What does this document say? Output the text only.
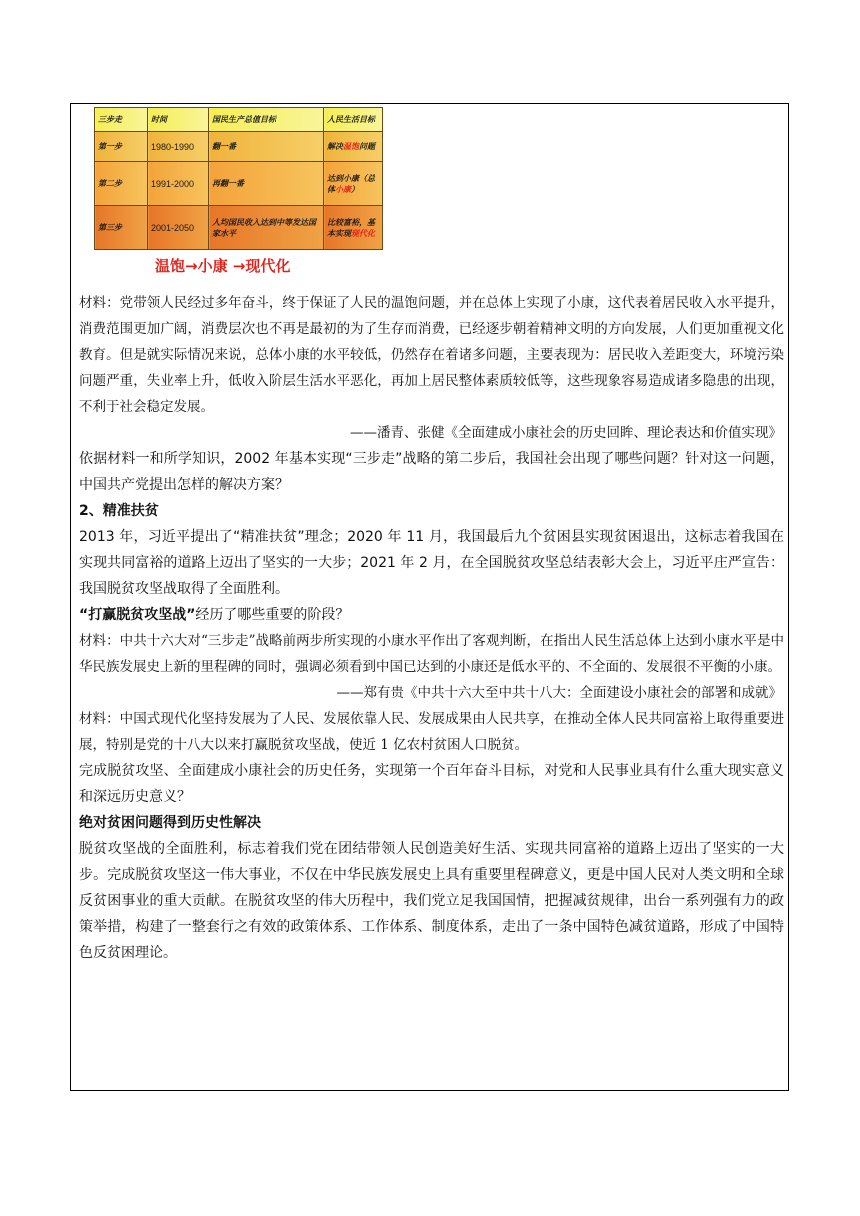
三步走	时间	国民生产总值目标	人民生活目标
第一步	1980-1990	翻一番	解决温饱问题
第二步	1991-2000	再翻一番	达到小康（总体小康）
第三步	2001-2050	人均国民收入达到中等发达国家水平	比较富裕，基本实现现代化
温饱→小康 →现代化

材料：党带领人民经过多年奋斗，终于保证了人民的温饱问题，并在总体上实现了小康，这代表着居民收入水平提升，消费范围更加广阔，消费层次也不再是最初的为了生存而消费，已经逐步朝着精神文明的方向发展，人们更加重视文化教育。但是就实际情况来说，总体小康的水平较低，仍然存在着诸多问题，主要表现为：居民收入差距变大，环境污染问题严重，失业率上升，低收入阶层生活水平恶化，再加上居民整体素质较低等，这些现象容易造成诸多隐患的出现，不利于社会稳定发展。

——潘青、张健《全面建成小康社会的历史回眸、理论表达和价值实现》

依据材料一和所学知识，2002 年基本实现“三步走”战略的第二步后，我国社会出现了哪些问题？针对这一问题，中国共产党提出怎样的解决方案？

2、精准扶贫

2013 年，习近平提出了“精准扶贫”理念；2020 年 11 月，我国最后九个贫困县实现贫困退出，这标志着我国在实现共同富裕的道路上迈出了坚实的一大步；2021 年 2 月，在全国脱贫攻坚总结表彰大会上，习近平庄严宣告：我国脱贫攻坚战取得了全面胜利。

“打赢脱贫攻坚战”经历了哪些重要的阶段？

材料：中共十六大对“三步走”战略前两步所实现的小康水平作出了客观判断，在指出人民生活总体上达到小康水平是中华民族发展史上新的里程碑的同时，强调必须看到中国已达到的小康还是低水平的、不全面的、发展很不平衡的小康。

——郑有贵《中共十六大至中共十八大：全面建设小康社会的部署和成就》

材料：中国式现代化坚持发展为了人民、发展依靠人民、发展成果由人民共享，在推动全体人民共同富裕上取得重要进展，特别是党的十八大以来打赢脱贫攻坚战，使近 1 亿农村贫困人口脱贫。

完成脱贫攻坚、全面建成小康社会的历史任务，实现第一个百年奋斗目标，对党和人民事业具有什么重大现实意义和深远历史意义？

绝对贫困问题得到历史性解决

脱贫攻坚战的全面胜利，标志着我们党在团结带领人民创造美好生活、实现共同富裕的道路上迈出了坚实的一大步。完成脱贫攻坚这一伟大事业，不仅在中华民族发展史上具有重要里程碑意义，更是中国人民对人类文明和全球反贫困事业的重大贡献。在脱贫攻坚的伟大历程中，我们党立足我国国情，把握减贫规律，出台一系列强有力的政策举措，构建了一整套行之有效的政策体系、工作体系、制度体系，走出了一条中国特色减贫道路，形成了中国特色反贫困理论。
